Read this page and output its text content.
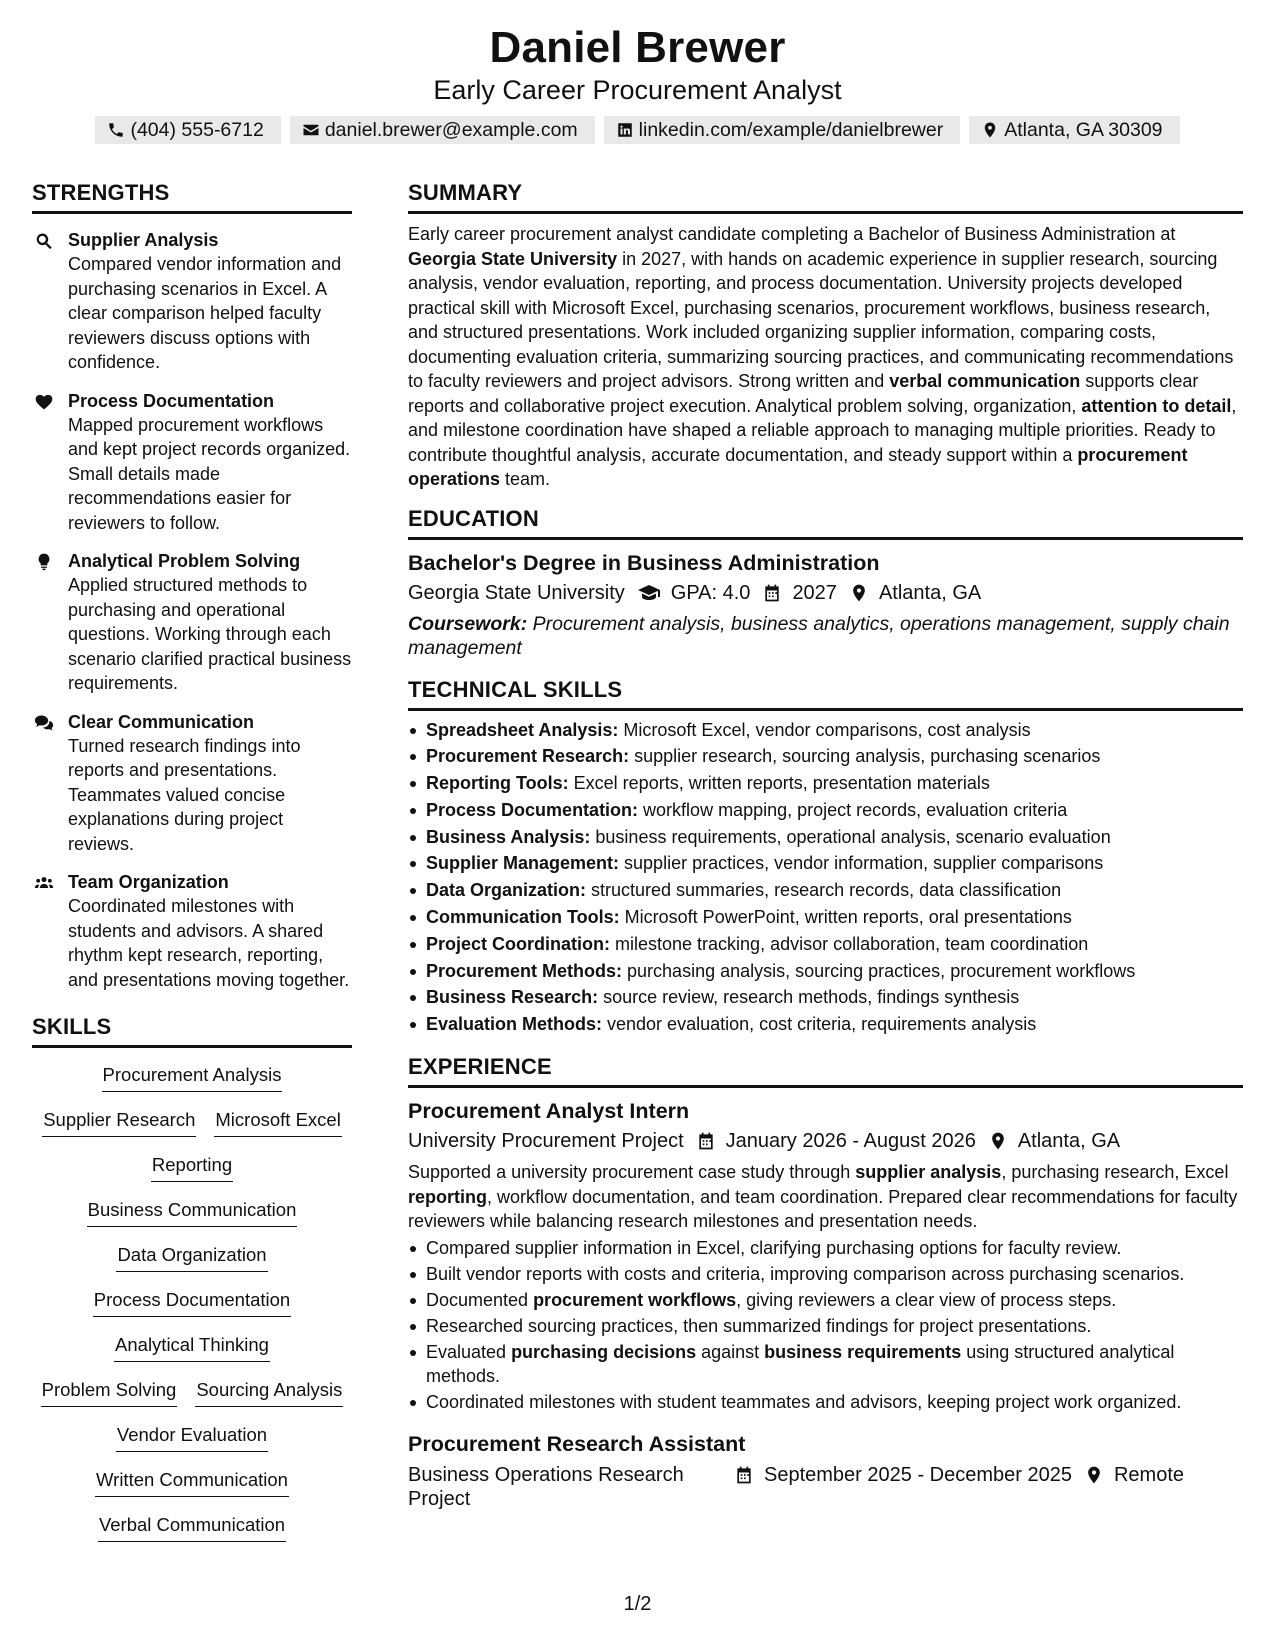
Daniel Brewer
Early Career Procurement Analyst
(404) 555-6712	daniel.brewer@example.com	linkedin.com/example/danielbrewer	Atlanta, GA 30309
STRENGTHS
Supplier Analysis
Compared vendor information and purchasing scenarios in Excel. A clear comparison helped faculty reviewers discuss options with confidence.
Process Documentation
Mapped procurement workflows and kept project records organized. Small details made recommendations easier for reviewers to follow.
Analytical Problem Solving
Applied structured methods to purchasing and operational questions. Working through each scenario clarified practical business requirements.
Clear Communication
Turned research findings into reports and presentations. Teammates valued concise explanations during project reviews.
Team Organization
Coordinated milestones with students and advisors. A shared rhythm kept research, reporting, and presentations moving together.
SKILLS
Procurement Analysis
Supplier Research Microsoft Excel
Reporting
Business Communication
Data Organization
Process Documentation
Analytical Thinking
Problem Solving Sourcing Analysis
Vendor Evaluation
Written Communication
Verbal Communication
SUMMARY

Early career procurement analyst candidate completing a Bachelor of Business Administration at Georgia State University in 2027, with hands on academic experience in supplier research, sourcing analysis, vendor evaluation, reporting, and process documentation. University projects developed practical skill with Microsoft Excel, purchasing scenarios, procurement workflows, business research, and structured presentations. Work included organizing supplier information, comparing costs, documenting evaluation criteria, summarizing sourcing practices, and communicating recommendations to faculty reviewers and project advisors. Strong written and verbal communication supports clear reports and collaborative project execution. Analytical problem solving, organization, attention to detail, and milestone coordination have shaped a reliable approach to managing multiple priorities. Ready to contribute thoughtful analysis, accurate documentation, and steady support within a procurement operations team.

EDUCATION
Bachelor's Degree in Business Administration
Georgia State University GPA: 4.0 2027 Atlanta, GA
Coursework: Procurement analysis, business analytics, operations management, supply chain management
TECHNICAL SKILLS
Spreadsheet Analysis: Microsoft Excel, vendor comparisons, cost analysis
Procurement Research: supplier research, sourcing analysis, purchasing scenarios
Reporting Tools: Excel reports, written reports, presentation materials
Process Documentation: workflow mapping, project records, evaluation criteria
Business Analysis: business requirements, operational analysis, scenario evaluation
Supplier Management: supplier practices, vendor information, supplier comparisons
Data Organization: structured summaries, research records, data classification
Communication Tools: Microsoft PowerPoint, written reports, oral presentations
Project Coordination: milestone tracking, advisor collaboration, team coordination
Procurement Methods: purchasing analysis, sourcing practices, procurement workflows
Business Research: source review, research methods, findings synthesis
Evaluation Methods: vendor evaluation, cost criteria, requirements analysis
EXPERIENCE
Procurement Analyst Intern
University Procurement Project January 2026 - August 2026 Atlanta, GA

Supported a university procurement case study through supplier analysis, purchasing research, Excel reporting, workflow documentation, and team coordination. Prepared clear recommendations for faculty reviewers while balancing research milestones and presentation needs.

Compared supplier information in Excel, clarifying purchasing options for faculty review.
Built vendor reports with costs and criteria, improving comparison across purchasing scenarios.
Documented procurement workflows, giving reviewers a clear view of process steps.
Researched sourcing practices, then summarized findings for project presentations.
Evaluated purchasing decisions against business requirements using structured analytical methods.
Coordinated milestones with student teammates and advisors, keeping project work organized.
Procurement Research Assistant
Business Operations Research Project
September 2025 - December 2025 Remote
1/2
